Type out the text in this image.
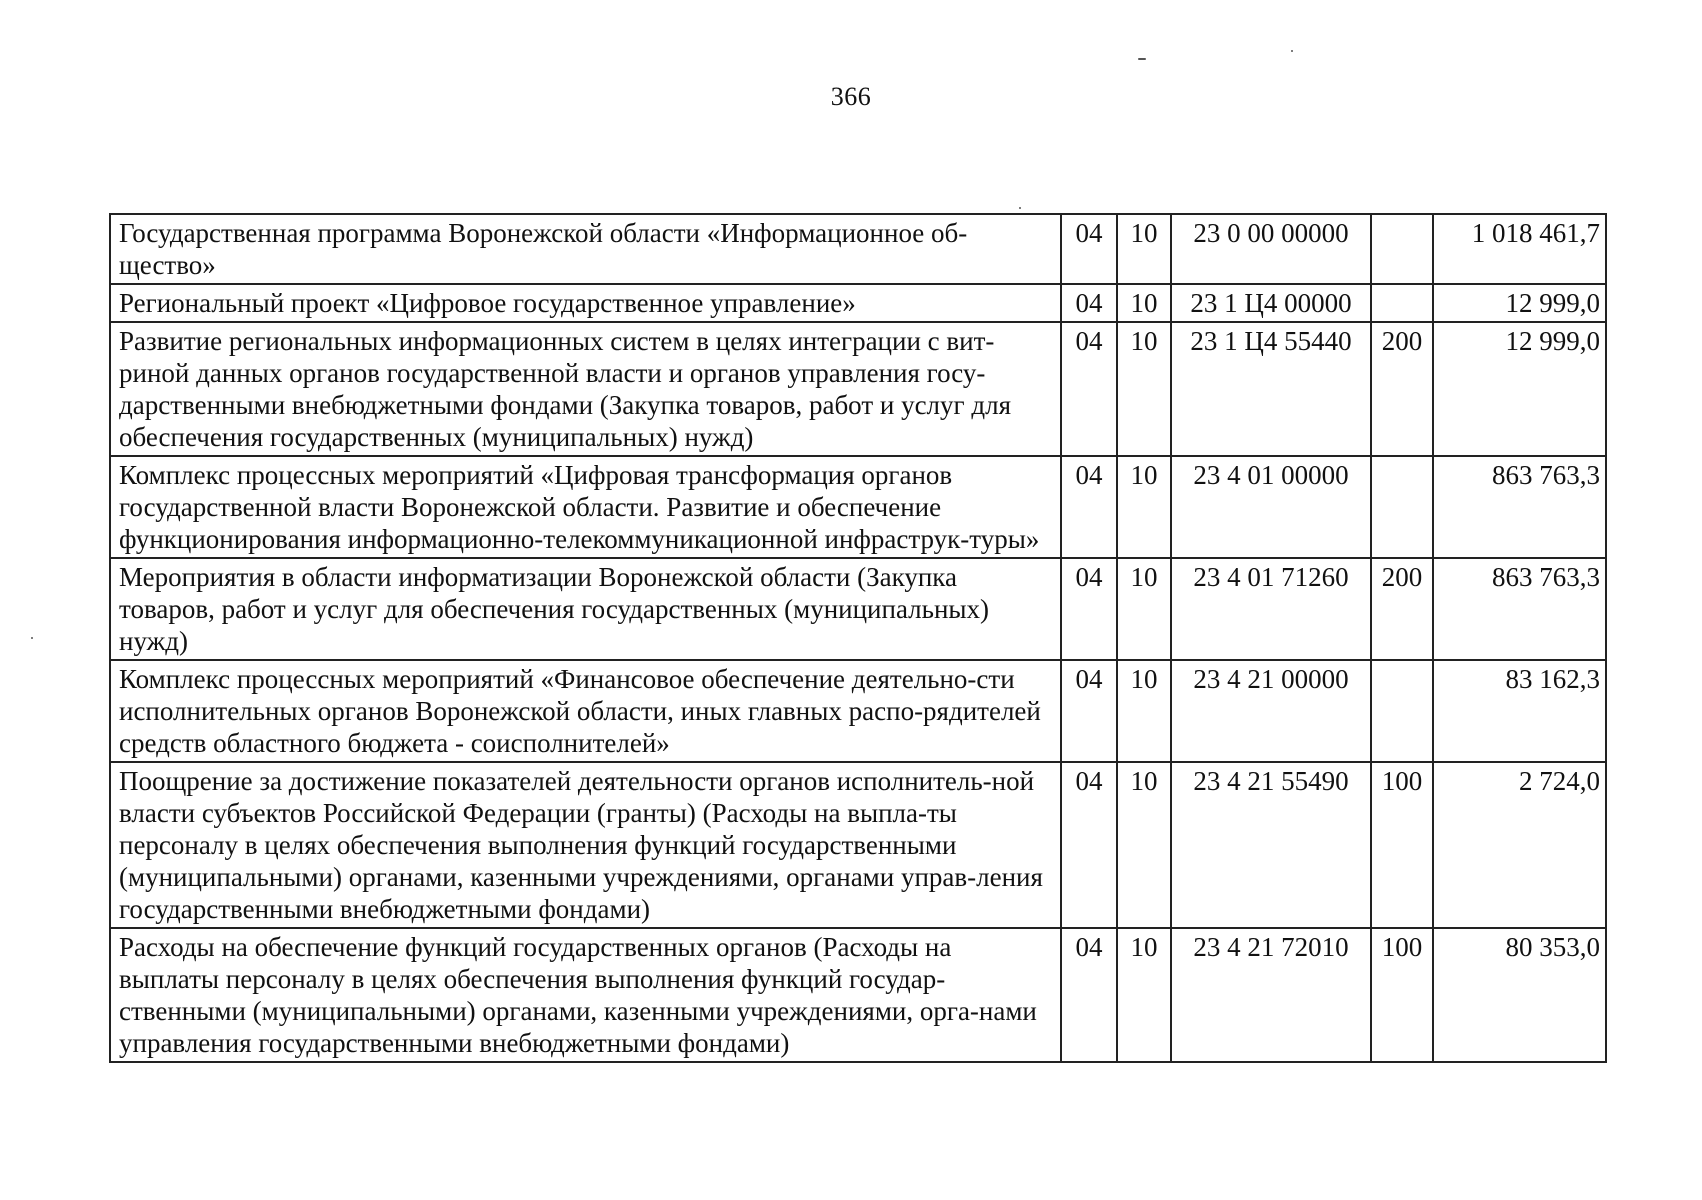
366
Государственная программа Воронежской области «Информационное об-щество»	04	10	23 0 00 00000		1 018 461,7
Региональный проект «Цифровое государственное управление»	04	10	23 1 Ц4 00000		12 999,0
Развитие региональных информационных систем в целях интеграции с вит-риной данных органов государственной власти и органов управления госу-дарственными внебюджетными фондами (Закупка товаров, работ и услуг для обеспечения государственных (муниципальных) нужд)	04	10	23 1 Ц4 55440	200	12 999,0
Комплекс процессных мероприятий «Цифровая трансформация органов государственной власти Воронежской области. Развитие и обеспечение функционирования информационно-телекоммуникационной инфраструк-туры»	04	10	23 4 01 00000		863 763,3
Мероприятия в области информатизации Воронежской области (Закупка товаров, работ и услуг для обеспечения государственных (муниципальных) нужд)	04	10	23 4 01 71260	200	863 763,3
Комплекс процессных мероприятий «Финансовое обеспечение деятельно-сти исполнительных органов Воронежской области, иных главных распо-рядителей средств областного бюджета - соисполнителей»	04	10	23 4 21 00000		83 162,3
Поощрение за достижение показателей деятельности органов исполнитель-ной власти субъектов Российской Федерации (гранты) (Расходы на выпла-ты персоналу в целях обеспечения выполнения функций государственными (муниципальными) органами, казенными учреждениями, органами управ-ления государственными внебюджетными фондами)	04	10	23 4 21 55490	100	2 724,0
Расходы на обеспечение функций государственных органов (Расходы на выплаты персоналу в целях обеспечения выполнения функций государ-ственными (муниципальными) органами, казенными учреждениями, орга-нами управления государственными внебюджетными фондами)	04	10	23 4 21 72010	100	80 353,0
